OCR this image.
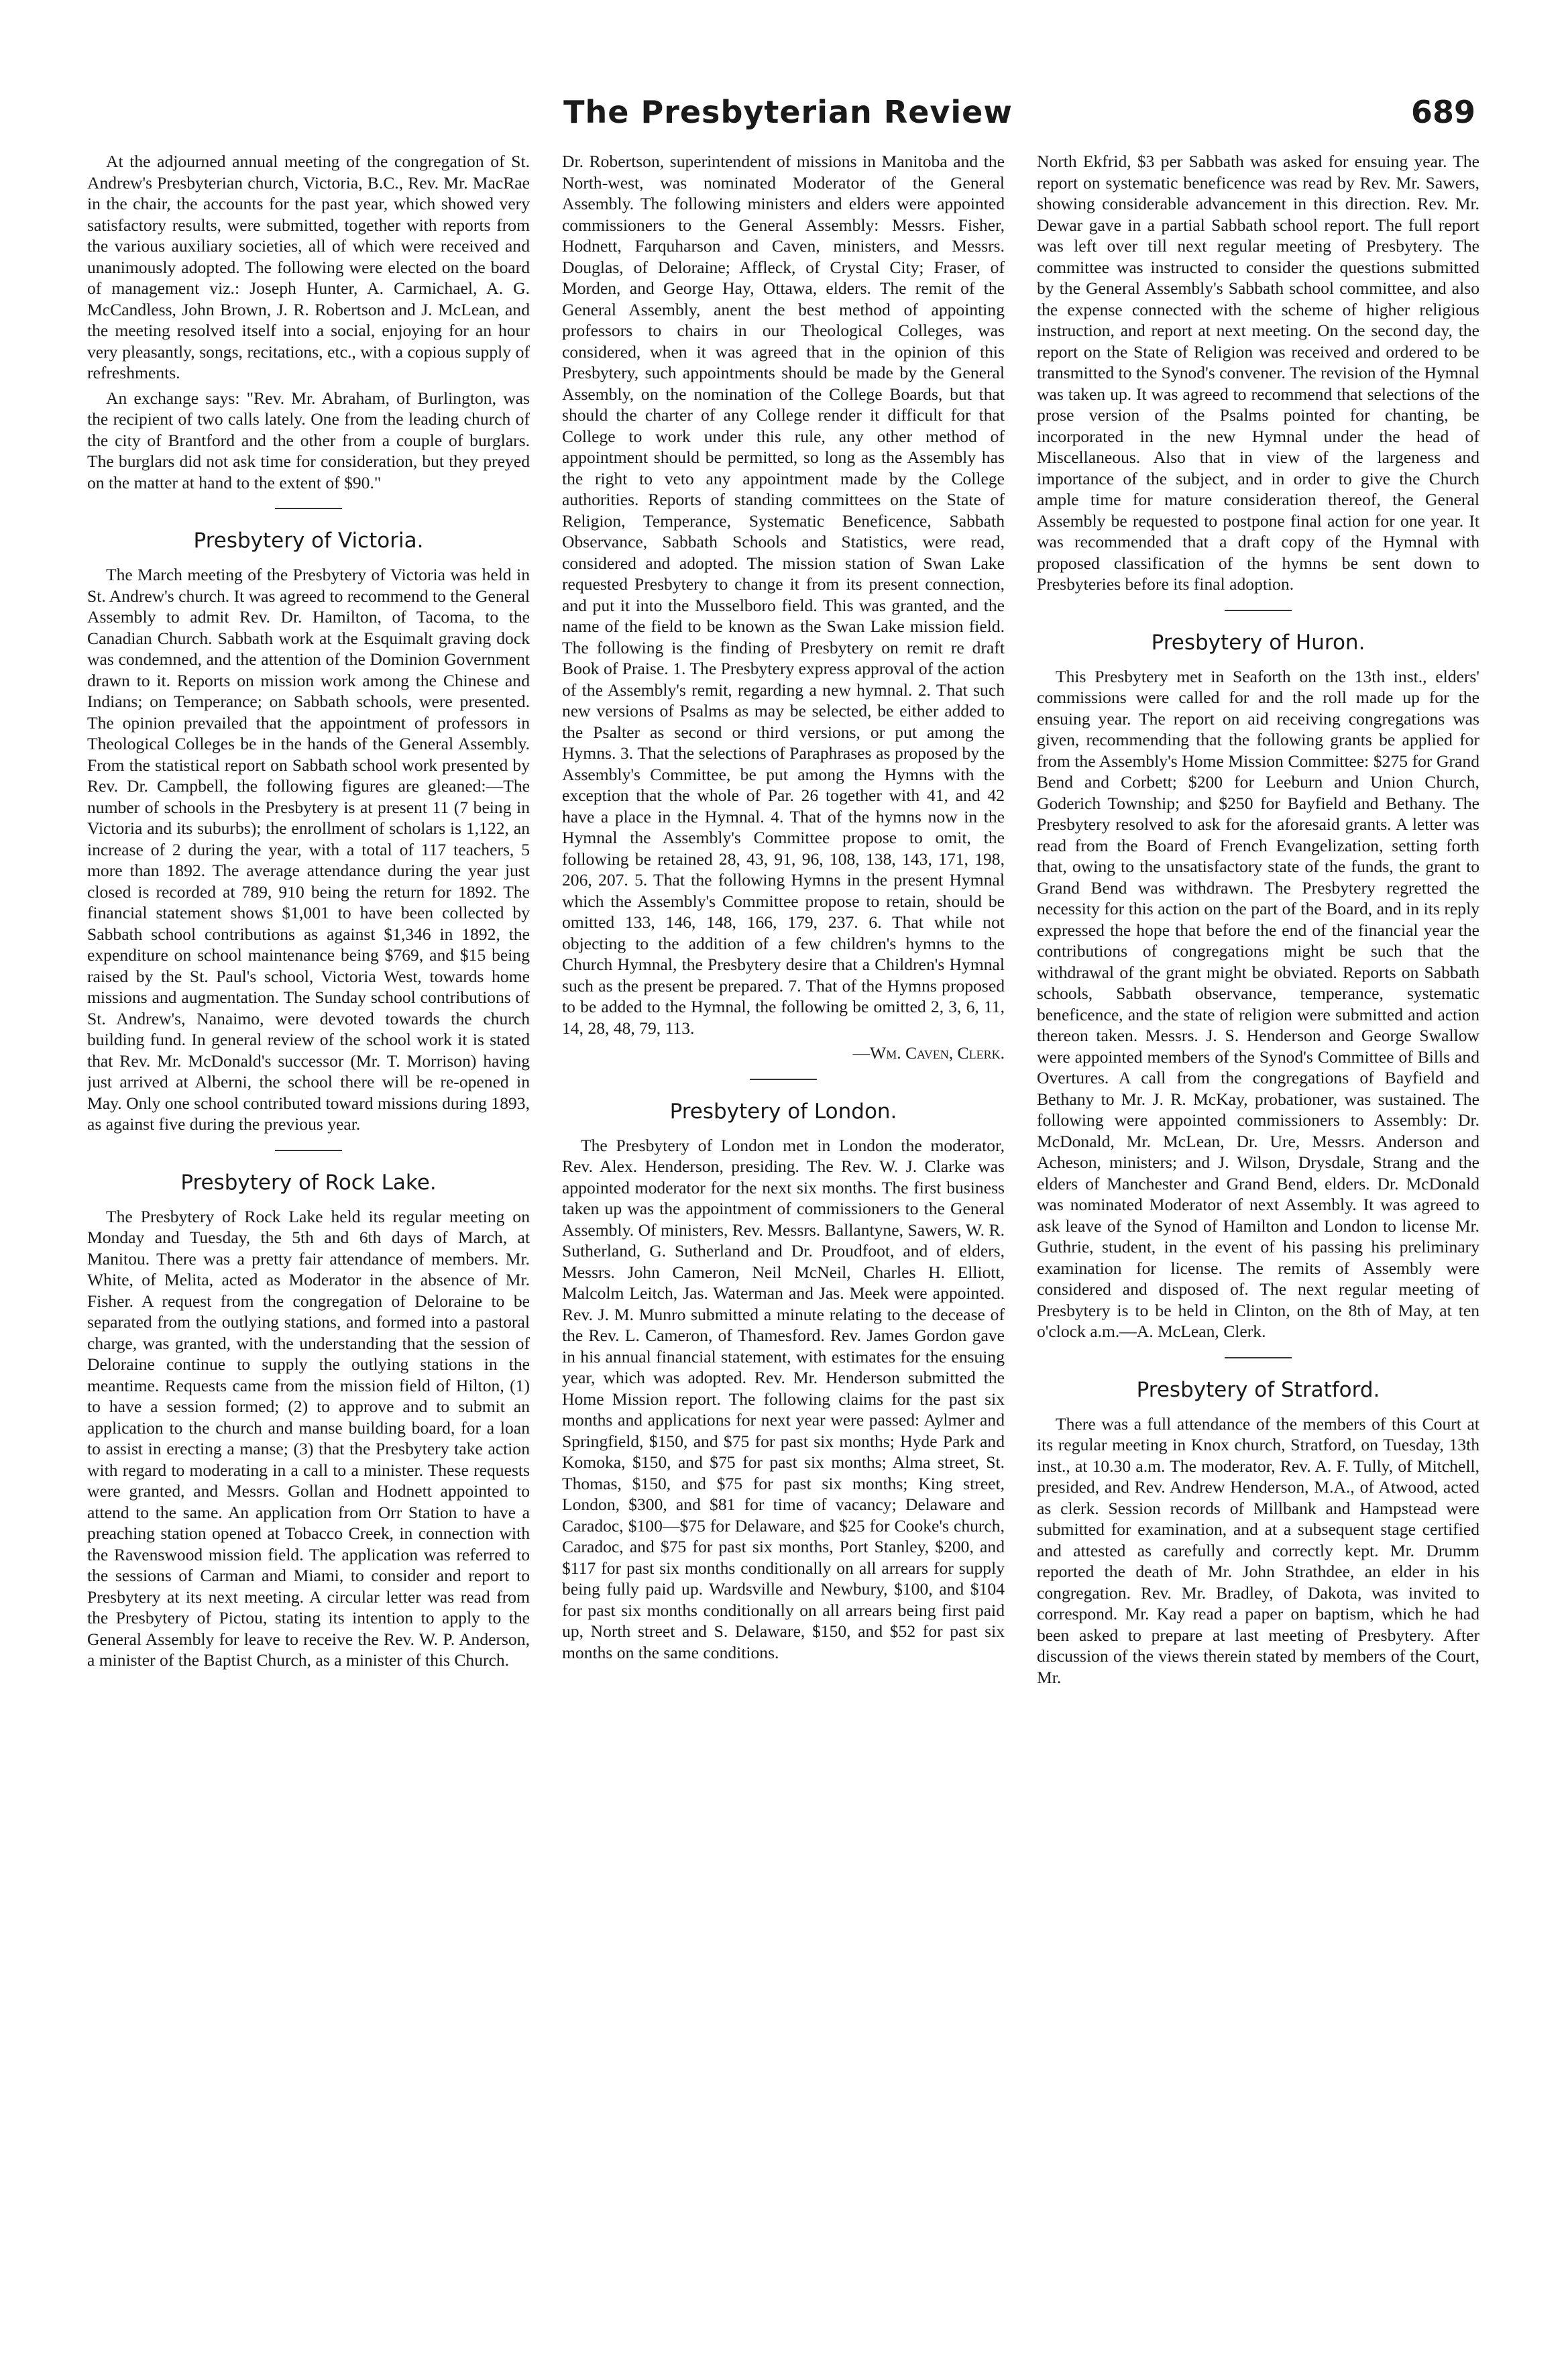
The Presbyterian Review	689

At the adjourned annual meeting of the congregation of St. Andrew's Presbyterian church, Victoria, B.C., Rev. Mr. MacRae in the chair, the accounts for the past year, which showed very satisfactory results, were submitted, together with reports from the various auxiliary societies, all of which were received and unanimously adopted. The following were elected on the board of management viz.: Joseph Hunter, A. Carmichael, A. G. McCandless, John Brown, J. R. Robertson and J. McLean, and the meeting resolved itself into a social, enjoying for an hour very pleasantly, songs, recitations, etc., with a copious supply of refreshments.

An exchange says: "Rev. Mr. Abraham, of Burlington, was the recipient of two calls lately. One from the leading church of the city of Brantford and the other from a couple of burglars. The burglars did not ask time for consideration, but they preyed on the matter at hand to the extent of $90."

Presbytery of Victoria.

The March meeting of the Presbytery of Victoria was held in St. Andrew's church. It was agreed to recommend to the General Assembly to admit Rev. Dr. Hamilton, of Tacoma, to the Canadian Church. Sabbath work at the Esquimalt graving dock was condemned, and the attention of the Dominion Government drawn to it. Reports on mission work among the Chinese and Indians; on Temperance; on Sabbath schools, were presented. The opinion prevailed that the appointment of professors in Theological Colleges be in the hands of the General Assembly. From the statistical report on Sabbath school work presented by Rev. Dr. Campbell, the following figures are gleaned:—The number of schools in the Presbytery is at present 11 (7 being in Victoria and its suburbs); the enrollment of scholars is 1,122, an increase of 2 during the year, with a total of 117 teachers, 5 more than 1892. The average attendance during the year just closed is recorded at 789, 910 being the return for 1892. The financial statement shows $1,001 to have been collected by Sabbath school contributions as against $1,346 in 1892, the expenditure on school maintenance being $769, and $15 being raised by the St. Paul's school, Victoria West, towards home missions and augmentation. The Sunday school contributions of St. Andrew's, Nanaimo, were devoted towards the church building fund. In general review of the school work it is stated that Rev. Mr. McDonald's successor (Mr. T. Morrison) having just arrived at Alberni, the school there will be re-opened in May. Only one school contributed toward missions during 1893, as against five during the previous year.

Presbytery of Rock Lake.

The Presbytery of Rock Lake held its regular meeting on Monday and Tuesday, the 5th and 6th days of March, at Manitou. There was a pretty fair attendance of members. Mr. White, of Melita, acted as Moderator in the absence of Mr. Fisher. A request from the congregation of Deloraine to be separated from the outlying stations, and formed into a pastoral charge, was granted, with the understanding that the session of Deloraine continue to supply the outlying stations in the meantime. Requests came from the mission field of Hilton, (1) to have a session formed; (2) to approve and to submit an application to the church and manse building board, for a loan to assist in erecting a manse; (3) that the Presbytery take action with regard to moderating in a call to a minister. These requests were granted, and Messrs. Gollan and Hodnett appointed to attend to the same. An application from Orr Station to have a preaching station opened at Tobacco Creek, in connection with the Ravenswood mission field. The application was referred to the sessions of Carman and Miami, to consider and report to Presbytery at its next meeting. A circular letter was read from the Presbytery of Pictou, stating its intention to apply to the General Assembly for leave to receive the Rev. W. P. Anderson, a minister of the Baptist Church, as a minister of this Church.

Dr. Robertson, superintendent of missions in Manitoba and the North-west, was nominated Moderator of the General Assembly. The following ministers and elders were appointed commissioners to the General Assembly: Messrs. Fisher, Hodnett, Farquharson and Caven, ministers, and Messrs. Douglas, of Deloraine; Affleck, of Crystal City; Fraser, of Morden, and George Hay, Ottawa, elders. The remit of the General Assembly, anent the best method of appointing professors to chairs in our Theological Colleges, was considered, when it was agreed that in the opinion of this Presbytery, such appointments should be made by the General Assembly, on the nomination of the College Boards, but that should the charter of any College render it difficult for that College to work under this rule, any other method of appointment should be permitted, so long as the Assembly has the right to veto any appointment made by the College authorities. Reports of standing committees on the State of Religion, Temperance, Systematic Beneficence, Sabbath Observance, Sabbath Schools and Statistics, were read, considered and adopted. The mission station of Swan Lake requested Presbytery to change it from its present connection, and put it into the Musselboro field. This was granted, and the name of the field to be known as the Swan Lake mission field. The following is the finding of Presbytery on remit re draft Book of Praise. 1. The Presbytery express approval of the action of the Assembly's remit, regarding a new hymnal. 2. That such new versions of Psalms as may be selected, be either added to the Psalter as second or third versions, or put among the Hymns. 3. That the selections of Paraphrases as proposed by the Assembly's Committee, be put among the Hymns with the exception that the whole of Par. 26 together with 41, and 42 have a place in the Hymnal. 4. That of the hymns now in the Hymnal the Assembly's Committee propose to omit, the following be retained 28, 43, 91, 96, 108, 138, 143, 171, 198, 206, 207. 5. That the following Hymns in the present Hymnal which the Assembly's Committee propose to retain, should be omitted 133, 146, 148, 166, 179, 237. 6. That while not objecting to the addition of a few children's hymns to the Church Hymnal, the Presbytery desire that a Children's Hymnal such as the present be prepared. 7. That of the Hymns proposed to be added to the Hymnal, the following be omitted 2, 3, 6, 11, 14, 28, 48, 79, 113.

—Wm. Caven, Clerk.
Presbytery of London.

The Presbytery of London met in London the moderator, Rev. Alex. Henderson, presiding. The Rev. W. J. Clarke was appointed moderator for the next six months. The first business taken up was the appointment of commissioners to the General Assembly. Of ministers, Rev. Messrs. Ballantyne, Sawers, W. R. Sutherland, G. Sutherland and Dr. Proudfoot, and of elders, Messrs. John Cameron, Neil McNeil, Charles H. Elliott, Malcolm Leitch, Jas. Waterman and Jas. Meek were appointed. Rev. J. M. Munro submitted a minute relating to the decease of the Rev. L. Cameron, of Thamesford. Rev. James Gordon gave in his annual financial statement, with estimates for the ensuing year, which was adopted. Rev. Mr. Henderson submitted the Home Mission report. The following claims for the past six months and applications for next year were passed: Aylmer and Springfield, $150, and $75 for past six months; Hyde Park and Komoka, $150, and $75 for past six months; Alma street, St. Thomas, $150, and $75 for past six months; King street, London, $300, and $81 for time of vacancy; Delaware and Caradoc, $100—$75 for Delaware, and $25 for Cooke's church, Caradoc, and $75 for past six months, Port Stanley, $200, and $117 for past six months conditionally on all arrears for supply being fully paid up. Wardsville and Newbury, $100, and $104 for past six months conditionally on all arrears being first paid up, North street and S. Delaware, $150, and $52 for past six months on the same conditions.

North Ekfrid, $3 per Sabbath was asked for ensuing year. The report on systematic beneficence was read by Rev. Mr. Sawers, showing considerable advancement in this direction. Rev. Mr. Dewar gave in a partial Sabbath school report. The full report was left over till next regular meeting of Presbytery. The committee was instructed to consider the questions submitted by the General Assembly's Sabbath school committee, and also the expense connected with the scheme of higher religious instruction, and report at next meeting. On the second day, the report on the State of Religion was received and ordered to be transmitted to the Synod's convener. The revision of the Hymnal was taken up. It was agreed to recommend that selections of the prose version of the Psalms pointed for chanting, be incorporated in the new Hymnal under the head of Miscellaneous. Also that in view of the largeness and importance of the subject, and in order to give the Church ample time for mature consideration thereof, the General Assembly be requested to postpone final action for one year. It was recommended that a draft copy of the Hymnal with proposed classification of the hymns be sent down to Presbyteries before its final adoption.

Presbytery of Huron.

This Presbytery met in Seaforth on the 13th inst., elders' commissions were called for and the roll made up for the ensuing year. The report on aid receiving congregations was given, recommending that the following grants be applied for from the Assembly's Home Mission Committee: $275 for Grand Bend and Corbett; $200 for Leeburn and Union Church, Goderich Township; and $250 for Bayfield and Bethany. The Presbytery resolved to ask for the aforesaid grants. A letter was read from the Board of French Evangelization, setting forth that, owing to the unsatisfactory state of the funds, the grant to Grand Bend was withdrawn. The Presbytery regretted the necessity for this action on the part of the Board, and in its reply expressed the hope that before the end of the financial year the contributions of congregations might be such that the withdrawal of the grant might be obviated. Reports on Sabbath schools, Sabbath observance, temperance, systematic beneficence, and the state of religion were submitted and action thereon taken. Messrs. J. S. Henderson and George Swallow were appointed members of the Synod's Committee of Bills and Overtures. A call from the congregations of Bayfield and Bethany to Mr. J. R. McKay, probationer, was sustained. The following were appointed commissioners to Assembly: Dr. McDonald, Mr. McLean, Dr. Ure, Messrs. Anderson and Acheson, ministers; and J. Wilson, Drysdale, Strang and the elders of Manchester and Grand Bend, elders. Dr. McDonald was nominated Moderator of next Assembly. It was agreed to ask leave of the Synod of Hamilton and London to license Mr. Guthrie, student, in the event of his passing his preliminary examination for license. The remits of Assembly were considered and disposed of. The next regular meeting of Presbytery is to be held in Clinton, on the 8th of May, at ten o'clock a.m.—A. McLean, Clerk.

Presbytery of Stratford.

There was a full attendance of the members of this Court at its regular meeting in Knox church, Stratford, on Tuesday, 13th inst., at 10.30 a.m. The moderator, Rev. A. F. Tully, of Mitchell, presided, and Rev. Andrew Henderson, M.A., of Atwood, acted as clerk. Session records of Millbank and Hampstead were submitted for examination, and at a subsequent stage certified and attested as carefully and correctly kept. Mr. Drumm reported the death of Mr. John Strathdee, an elder in his congregation. Rev. Mr. Bradley, of Dakota, was invited to correspond. Mr. Kay read a paper on baptism, which he had been asked to prepare at last meeting of Presbytery. After discussion of the views therein stated by members of the Court, Mr.
